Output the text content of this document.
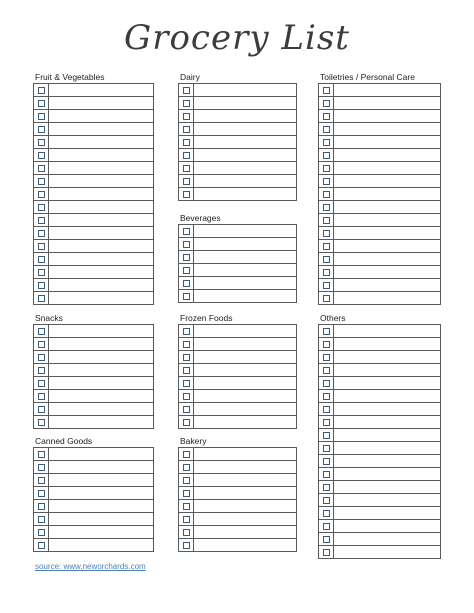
Grocery List
Fruit & Vegetables	Dairy	Toiletries / Personal Care
Beverages
Snacks	Frozen Foods	Others
Canned Goods	Bakery
source: www.neworchards.com
